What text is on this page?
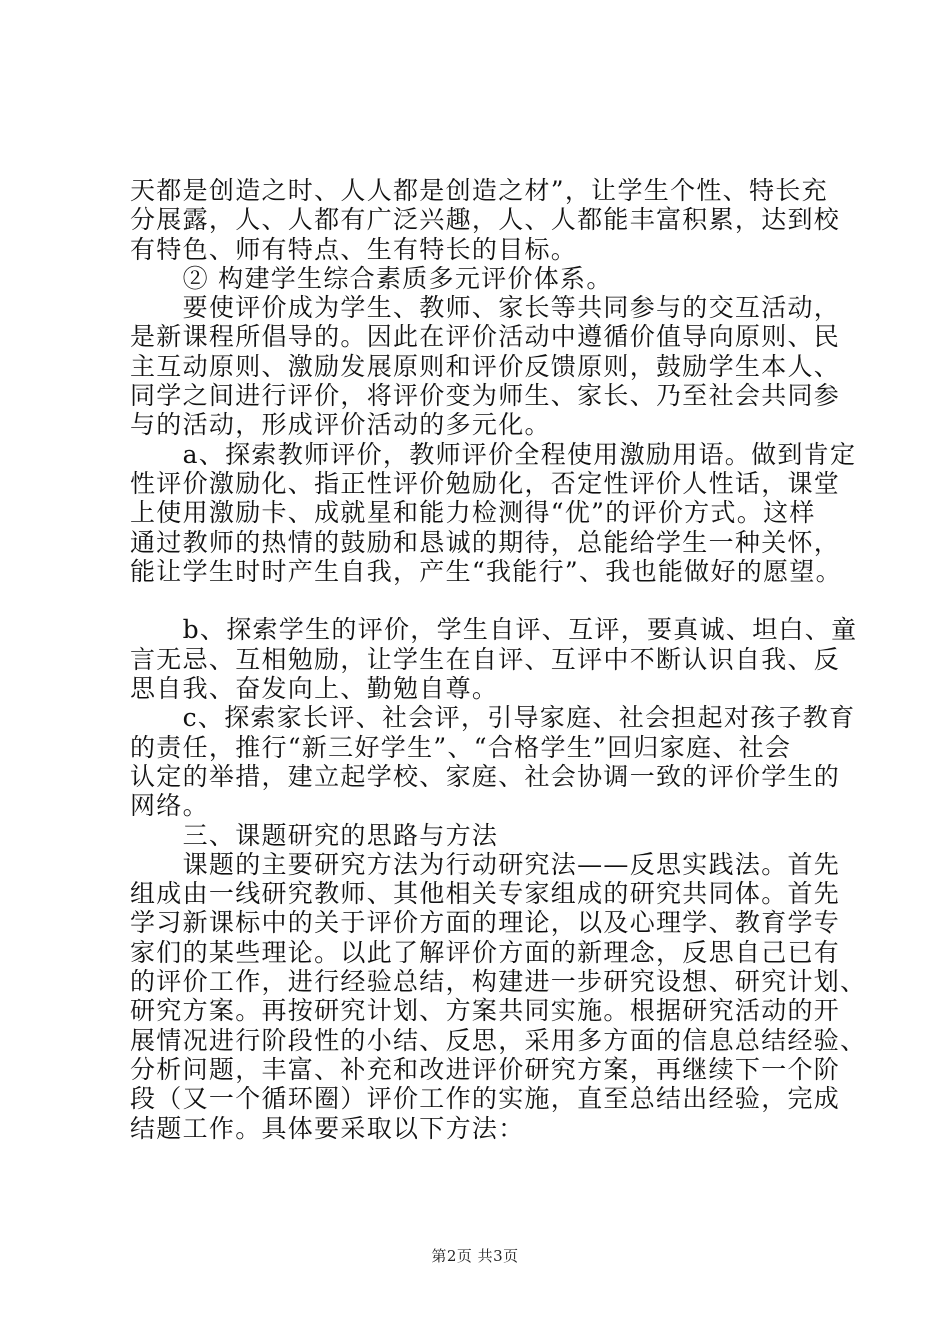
天都是创造之时、人人都是创造之材”，让学生个性、特长充
分展露，人、人都有广泛兴趣，人、人都能丰富积累，达到校
有特色、师有特点、生有特长的目标。
　　② 构建学生综合素质多元评价体系。
　　要使评价成为学生、教师、家长等共同参与的交互活动，
是新课程所倡导的。因此在评价活动中遵循价值导向原则、民
主互动原则、激励发展原则和评价反馈原则，鼓励学生本人、
同学之间进行评价，将评价变为师生、家长、乃至社会共同参
与的活动，形成评价活动的多元化。
　　a、探索教师评价，教师评价全程使用激励用语。做到肯定
性评价激励化、指正性评价勉励化，否定性评价人性话，课堂
上使用激励卡、成就星和能力检测得“优”的评价方式。这样
通过教师的热情的鼓励和恳诚的期待，总能给学生一种关怀，
能让学生时时产生自我，产生“我能行”、我也能做好的愿望。
　　b、探索学生的评价，学生自评、互评，要真诚、坦白、童
言无忌、互相勉励，让学生在自评、互评中不断认识自我、反
思自我、奋发向上、勤勉自尊。
　　c、探索家长评、社会评，引导家庭、社会担起对孩子教育
的责任，推行“新三好学生”、“合格学生”回归家庭、社会
认定的举措，建立起学校、家庭、社会协调一致的评价学生的
网络。
　　三、课题研究的思路与方法
　　课题的主要研究方法为行动研究法——反思实践法。首先
组成由一线研究教师、其他相关专家组成的研究共同体。首先
学习新课标中的关于评价方面的理论，以及心理学、教育学专
家们的某些理论。以此了解评价方面的新理念，反思自己已有
的评价工作，进行经验总结，构建进一步研究设想、研究计划、
研究方案。再按研究计划、方案共同实施。根据研究活动的开
展情况进行阶段性的小结、反思，采用多方面的信息总结经验、
分析问题，丰富、补充和改进评价研究方案，再继续下一个阶
段（又一个循环圈）评价工作的实施，直至总结出经验，完成
结题工作。具体要采取以下方法：
第2页 共3页
